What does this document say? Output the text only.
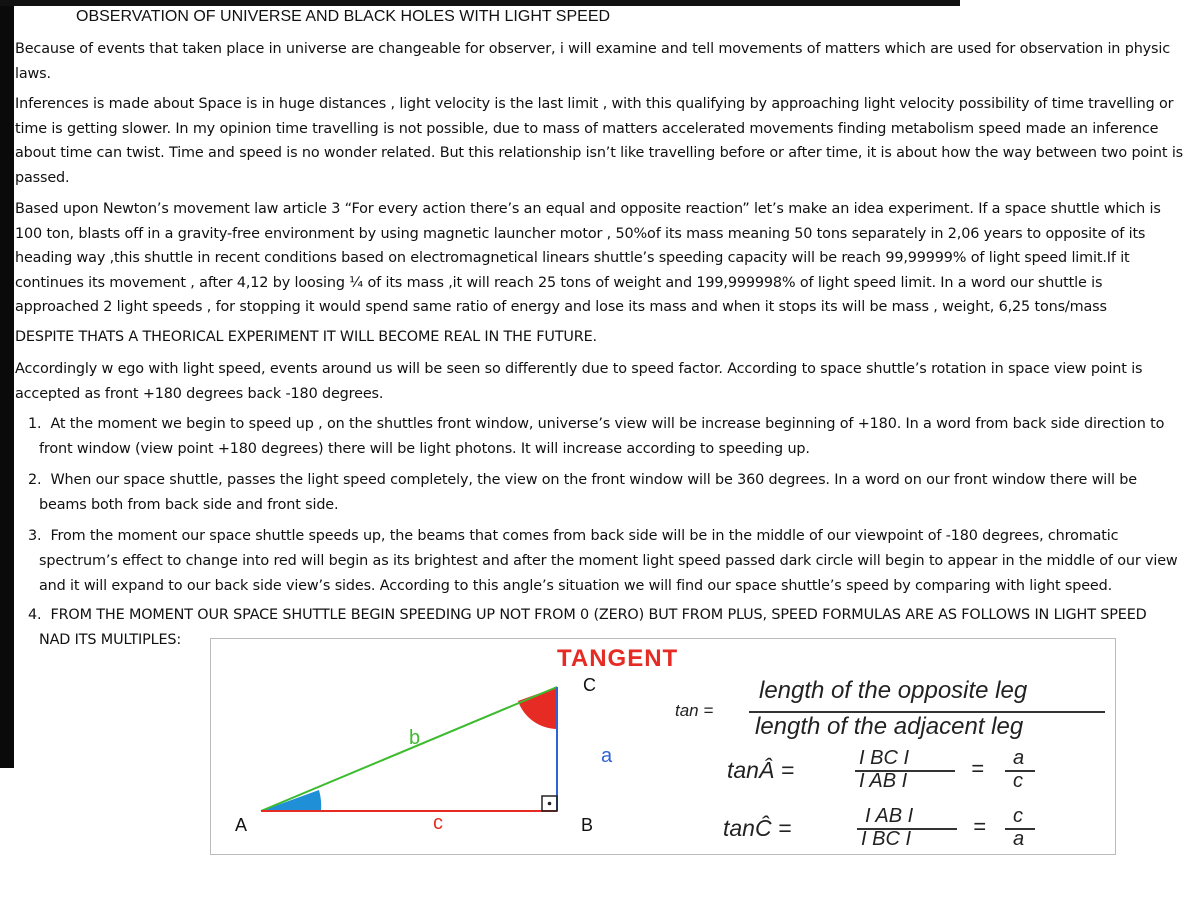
OBSERVATION OF UNIVERSE AND BLACK HOLES WITH LIGHT SPEED

Because of events that taken place in universe are changeable for observer, i will examine and tell movements of matters which are used for observation in physic laws.

Inferences is made about Space is in huge distances , light velocity is the last limit , with this qualifying by approaching light velocity possibility of time travelling or time is getting slower. In my opinion time travelling is not possible, due to mass of matters accelerated movements finding metabolism speed made an inference about time can twist. Time and speed is no wonder related. But this relationship isn’t like travelling before or after time, it is about how the way between two point is passed.

Based upon Newton’s movement law article 3 “For every action there’s an equal and opposite reaction” let’s make an idea experiment. If a space shuttle which is 100 ton, blasts off in a gravity-free environment by using magnetic launcher motor , 50%of its mass meaning 50 tons separately in 2,06 years to opposite of its heading way ,this shuttle in recent conditions based on electromagnetical linears shuttle’s speeding capacity will be reach 99,99999% of light speed limit.If it continues its movement , after 4,12 by loosing ¼ of its mass ,it will reach 25 tons of weight and 199,999998% of light speed limit. In a word our shuttle is approached 2 light speeds , for stopping it would spend same ratio of energy and lose its mass and when it stops its will be mass , weight, 6,25 tons/mass

DESPITE THATS A THEORICAL EXPERIMENT IT WILL BECOME REAL IN THE FUTURE.

Accordingly w ego with light speed, events around us will be seen so differently due to speed factor. According to space shuttle’s rotation in space view point is accepted as front +180 degrees back -180 degrees.

1. At the moment we begin to speed up , on the shuttles front window, universe’s view will be increase beginning of +180. In a word from back side direction to
front window (view point +180 degrees) there will be light photons. It will increase according to speeding up.
2. When our space shuttle, passes the light speed completely, the view on the front window will be 360 degrees. In a word on our front window there will be
beams both from back side and front side.
3. From the moment our space shuttle speeds up, the beams that comes from back side will be in the middle of our viewpoint of -180 degrees, chromatic
spectrum’s effect to change into red will begin as its brightest and after the moment light speed passed dark circle will begin to appear in the middle of our view and it will expand to our back side view’s sides. According to this angle’s situation we will find our space shuttle’s speed by comparing with light speed.
4. FROM THE MOMENT OUR SPACE SHUTTLE BEGIN SPEEDING UP NOT FROM 0 (ZERO) BUT FROM PLUS, SPEED FORMULAS ARE AS FOLLOWS IN LIGHT SPEED
NAD ITS MULTIPLES:
TANGENT
A	B
C
a
b
c
tan =
length of the opposite leg
length of the adjacent leg
tanÂ =	I BC I
I AB I	= a
c
tanĈ =	I AB I
I BC I	= c
a
